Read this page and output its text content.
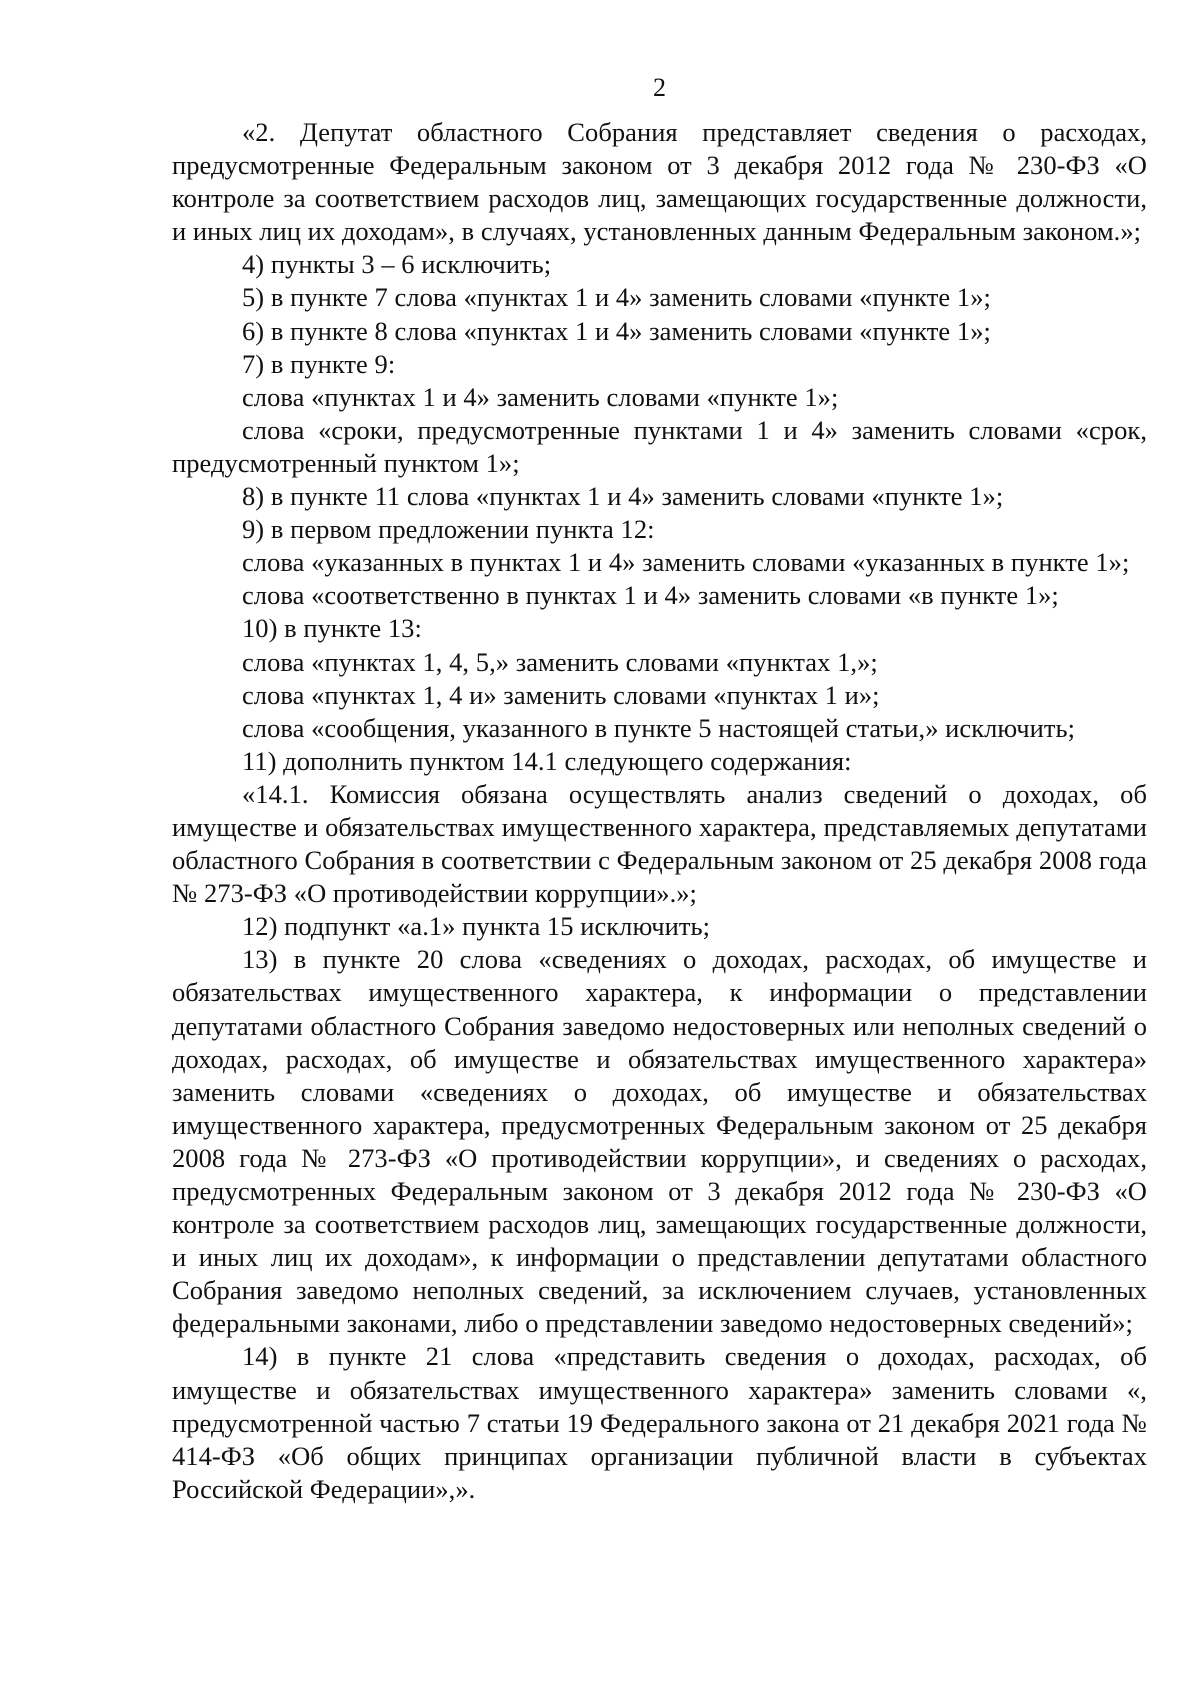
2

«2. Депутат областного Собрания представляет сведения о расходах, предусмотренные Федеральным законом от 3 декабря 2012 года № 230-ФЗ «О контроле за соответствием расходов лиц, замещающих государственные должности, и иных лиц их доходам», в случаях, установленных данным Федеральным законом.»;

4) пункты 3 – 6 исключить;

5) в пункте 7 слова «пунктах 1 и 4» заменить словами «пункте 1»;

6) в пункте 8 слова «пунктах 1 и 4» заменить словами «пункте 1»;

7) в пункте 9:

слова «пунктах 1 и 4» заменить словами «пункте 1»;

слова «сроки, предусмотренные пунктами 1 и 4» заменить словами «срок, предусмотренный пунктом 1»;

8) в пункте 11 слова «пунктах 1 и 4» заменить словами «пункте 1»;

9) в первом предложении пункта 12:

слова «указанных в пунктах 1 и 4» заменить словами «указанных в пункте 1»;

слова «соответственно в пунктах 1 и 4» заменить словами «в пункте 1»;

10) в пункте 13:

слова «пунктах 1, 4, 5,» заменить словами «пунктах 1,»;

слова «пунктах 1, 4 и» заменить словами «пунктах 1 и»;

слова «сообщения, указанного в пункте 5 настоящей статьи,» исключить;

11) дополнить пунктом 14.1 следующего содержания:

«14.1. Комиссия обязана осуществлять анализ сведений о доходах, об имуществе и обязательствах имущественного характера, представляемых депутатами областного Собрания в соответствии с Федеральным законом от 25 декабря 2008 года № 273-ФЗ «О противодействии коррупции».»;

12) подпункт «а.1» пункта 15 исключить;

13) в пункте 20 слова «сведениях о доходах, расходах, об имуществе и обязательствах имущественного характера, к информации о представлении депутатами областного Собрания заведомо недостоверных или неполных сведений о доходах, расходах, об имуществе и обязательствах имущественного характера» заменить словами «сведениях о доходах, об имуществе и обязательствах имущественного характера, предусмотренных Федеральным законом от 25 декабря 2008 года № 273-ФЗ «О противодействии коррупции», и сведениях о расходах, предусмотренных Федеральным законом от 3 декабря 2012 года № 230-ФЗ «О контроле за соответствием расходов лиц, замещающих государственные должности, и иных лиц их доходам», к информации о представлении депутатами областного Собрания заведомо неполных сведений, за исключением случаев, установленных федеральными законами, либо о представлении заведомо недостоверных сведений»;

14) в пункте 21 слова «представить сведения о доходах, расходах, об имуществе и обязательствах имущественного характера» заменить словами «, предусмотренной частью 7 статьи 19 Федерального закона от 21 декабря 2021 года № 414-ФЗ «Об общих принципах организации публичной власти в субъектах Российской Федерации»,».
